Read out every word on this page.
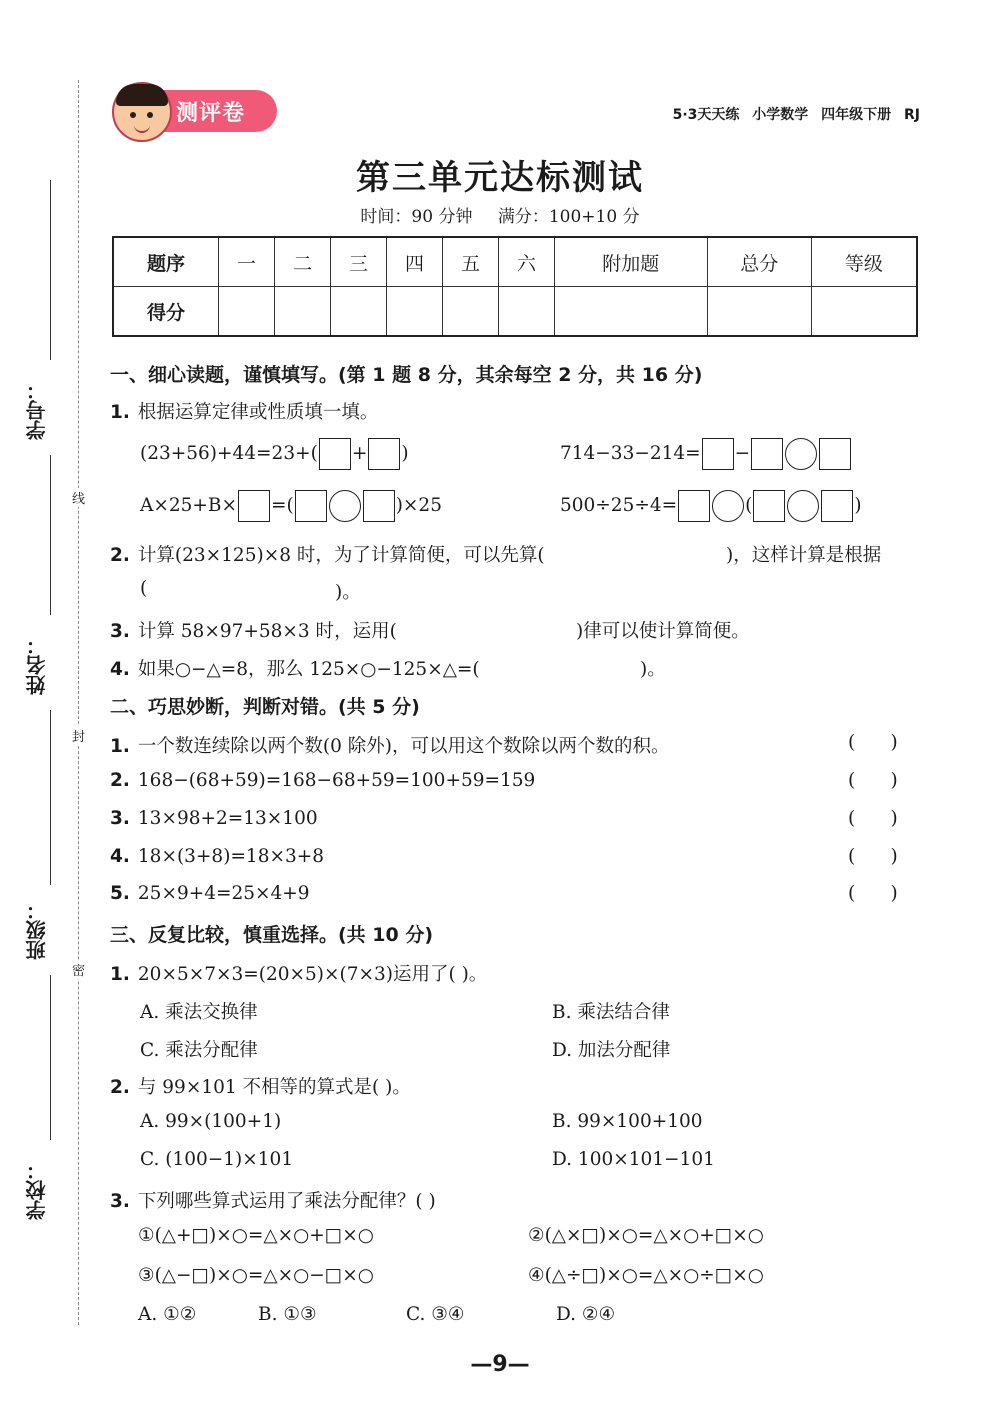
学号：
姓名：
班级：
学校：
线
封
密
测评卷	5·3天天练 小学数学 四年级下册 RJ
第三单元达标测试
时间：90 分钟 满分：100+10 分
题序	一	二	三	四	五	六	附加题	总分	等级
得分									
一、细心读题，谨慎填写。(第 1 题 8 分，其余每空 2 分，共 16 分)
1. 根据运算定律或性质填一填。
(23+56)+44=23+( + )	714−33−214= −
A×25+B× =(	)×25	500÷25÷4=	(	)
2. 计算(23×125)×8 时，为了计算简便，可以先算(	)，这样计算是根据
(	)。
3. 计算 58×97+58×3 时，运用(	)律可以使计算简便。
4. 如果○−△=8，那么 125×○−125×△=(	)。
二、巧思妙断，判断对错。(共 5 分)
1. 一个数连续除以两个数(0 除外)，可以用这个数除以两个数的积。	(      )
2. 168−(68+59)=168−68+59=100+59=159	(      )
3. 13×98+2=13×100	(      )
4. 18×(3+8)=18×3+8	(      )
5. 25×9+4=25×4+9	(      )
三、反复比较，慎重选择。(共 10 分)
1. 20×5×7×3=(20×5)×(7×3)运用了( )。
A. 乘法交换律	B. 乘法结合律
C. 乘法分配律	D. 加法分配律
2. 与 99×101 不相等的算式是( )。
A. 99×(100+1)	B. 99×100+100
C. (100−1)×101	D. 100×101−101
3. 下列哪些算式运用了乘法分配律？( )
①(△+□)×○=△×○+□×○	②(△×□)×○=△×○+□×○
③(△−□)×○=△×○−□×○	④(△÷□)×○=△×○÷□×○
A. ①②	B. ①③	C. ③④	D. ②④
—9—
